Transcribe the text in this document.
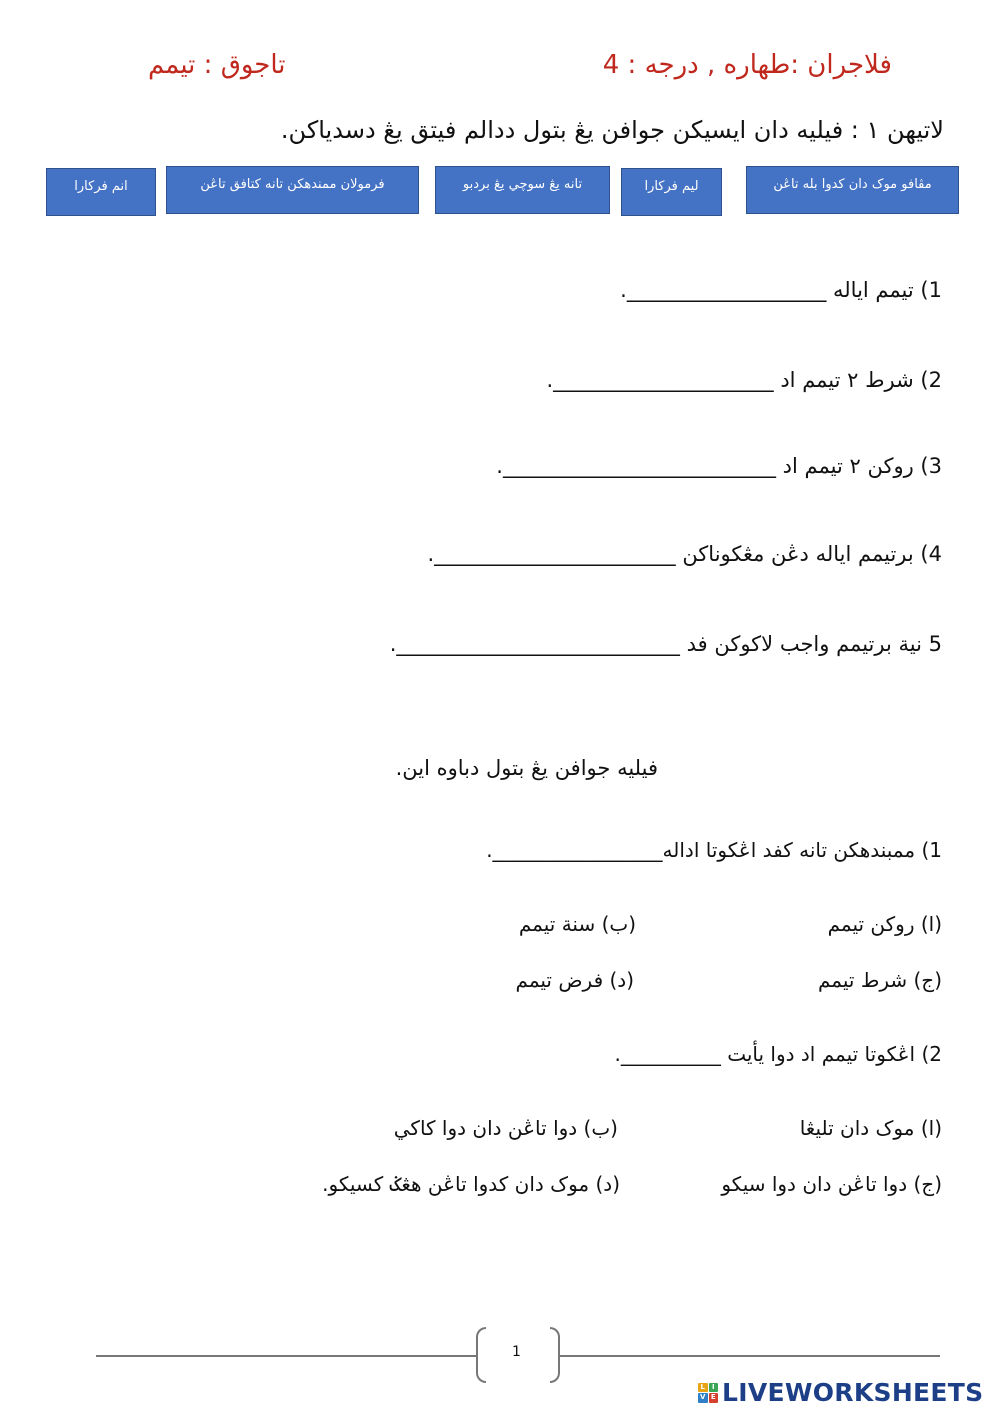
فلاجران :طهاره , درجه : 4
تاجوق : تيمم
لاتيهن ١ : فيليه دان ايسيكن جوافن يڠ بتول ددالم فيتق يڠ دسدياكن.
مڤافو موک دان كدوا بله تاڠن
ليم فركارا
تانه يڠ سوچي يڠ بردبو
فرمولان ممندهكن تانه كتافق تاڠن
انم فركارا
1) تيمم اياله ___________________.
2) شرط ٢ تيمم اد _____________________.
3) روكن ٢ تيمم اد __________________________.
4) برتيمم اياله دڠن مڠكوناكن _______________________.
5 نية برتيمم واجب لاكوكن فد ___________________________.
فيليه جوافن يڠ بتول دباوه اين.
1) ممبندهكن تانه كفد اڠكوتا اداله_________________.
(ا) روكن تيمم
(ب) سنة تيمم
(ج) شرط تيمم
(د) فرض تيمم
2) اڠكوتا تيمم اد دوا يأيت __________.
(ا) موک دان تليڠا
(ب) دوا تاڠن دان دوا كاكي
(ج) دوا تاڠن دان دوا سيكو
(د) موک دان كدوا تاڠن هڠݢ كسيكو.
1
L I
V E LIVEWORKSHEETS
